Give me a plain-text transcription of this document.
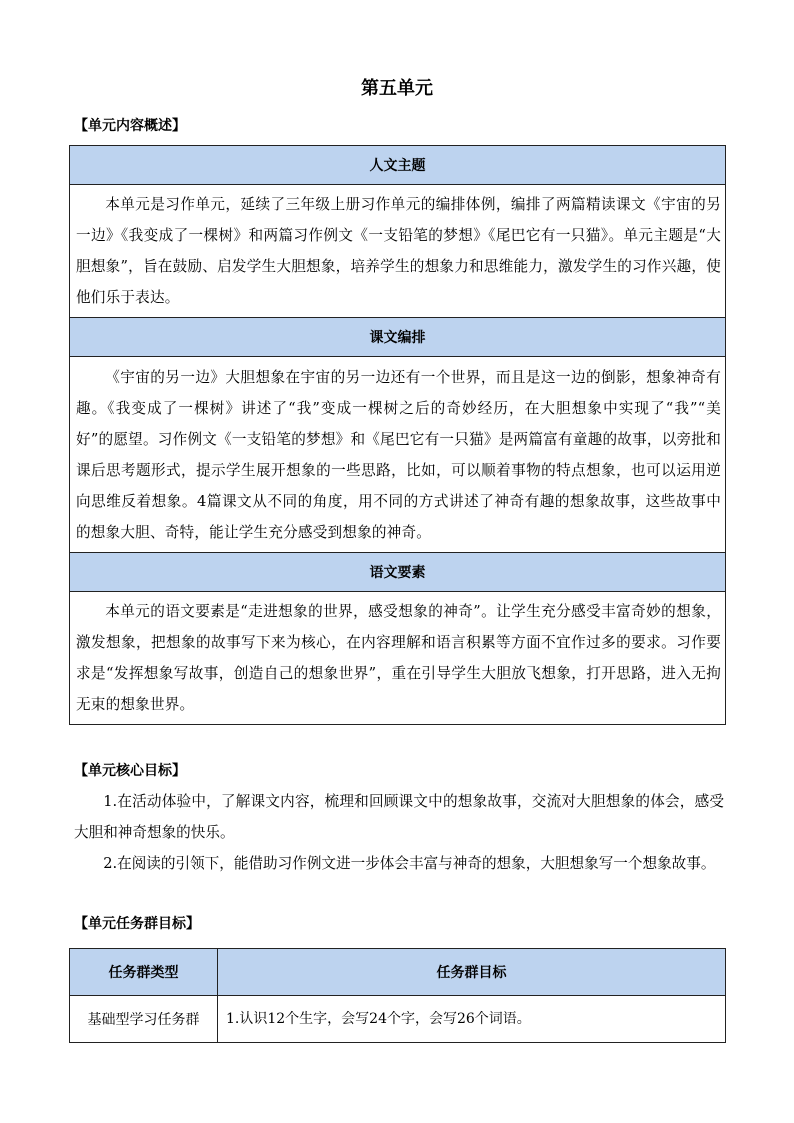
第五单元
【单元内容概述】
人文主题
本单元是习作单元，延续了三年级上册习作单元的编排体例，编排了两篇精读课文《宇宙的另一边》《我变成了一棵树》和两篇习作例文《一支铅笔的梦想》《尾巴它有一只猫》。单元主题是“大胆想象”，旨在鼓励、启发学生大胆想象，培养学生的想象力和思维能力，激发学生的习作兴趣，使他们乐于表达。
课文编排
《宇宙的另一边》大胆想象在宇宙的另一边还有一个世界，而且是这一边的倒影，想象神奇有趣。《我变成了一棵树》讲述了“我”变成一棵树之后的奇妙经历，在大胆想象中实现了“我”“美好”的愿望。习作例文《一支铅笔的梦想》和《尾巴它有一只猫》是两篇富有童趣的故事，以旁批和课后思考题形式，提示学生展开想象的一些思路，比如，可以顺着事物的特点想象，也可以运用逆向思维反着想象。4篇课文从不同的角度，用不同的方式讲述了神奇有趣的想象故事，这些故事中的想象大胆、奇特，能让学生充分感受到想象的神奇。
语文要素
本单元的语文要素是“走进想象的世界，感受想象的神奇”。让学生充分感受丰富奇妙的想象，激发想象，把想象的故事写下来为核心，在内容理解和语言积累等方面不宜作过多的要求。习作要求是“发挥想象写故事，创造自己的想象世界”，重在引导学生大胆放飞想象，打开思路，进入无拘无束的想象世界。
【单元核心目标】

1.在活动体验中，了解课文内容，梳理和回顾课文中的想象故事，交流对大胆想象的体会，感受大胆和神奇想象的快乐。

2.在阅读的引领下，能借助习作例文进一步体会丰富与神奇的想象，大胆想象写一个想象故事。

【单元任务群目标】
任务群类型	任务群目标
基础型学习任务群	1.认识12个生字，会写24个字，会写26个词语。
